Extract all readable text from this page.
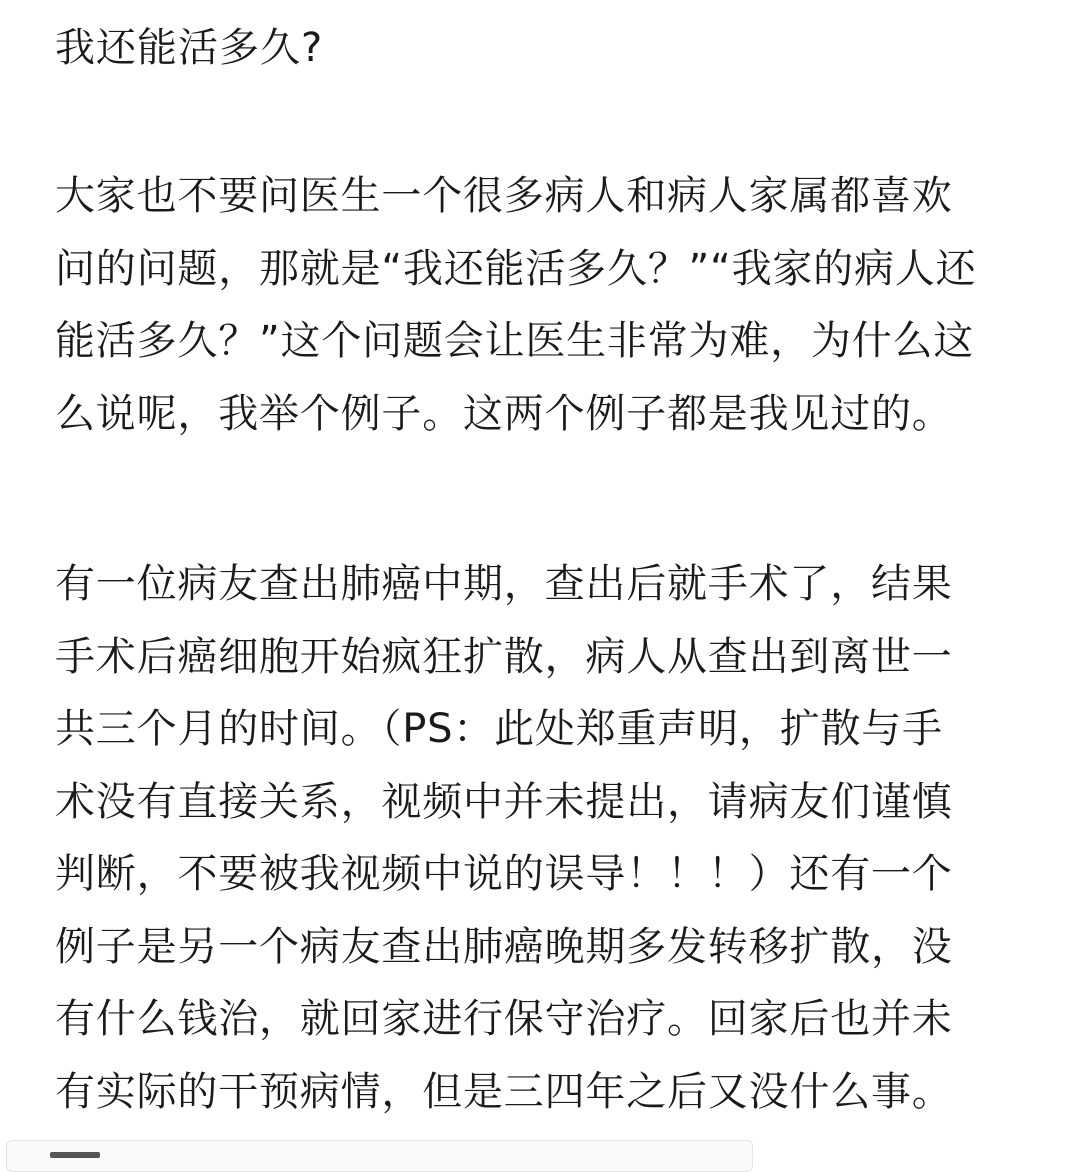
我还能活多久?

大家也不要问医生一个很多病人和病人家属都喜欢
问的问题，那就是“我还能活多久？”“我家的病人还
能活多久？”这个问题会让医生非常为难，为什么这
么说呢，我举个例子。这两个例子都是我见过的。

有一位病友查出肺癌中期，查出后就手术了，结果
手术后癌细胞开始疯狂扩散，病人从查出到离世一
共三个月的时间。（PS：此处郑重声明，扩散与手
术没有直接关系，视频中并未提出，请病友们谨慎
判断，不要被我视频中说的误导！！！）还有一个
例子是另一个病友查出肺癌晚期多发转移扩散，没
有什么钱治，就回家进行保守治疗。回家后也并未
有实际的干预病情，但是三四年之后又没什么事。
